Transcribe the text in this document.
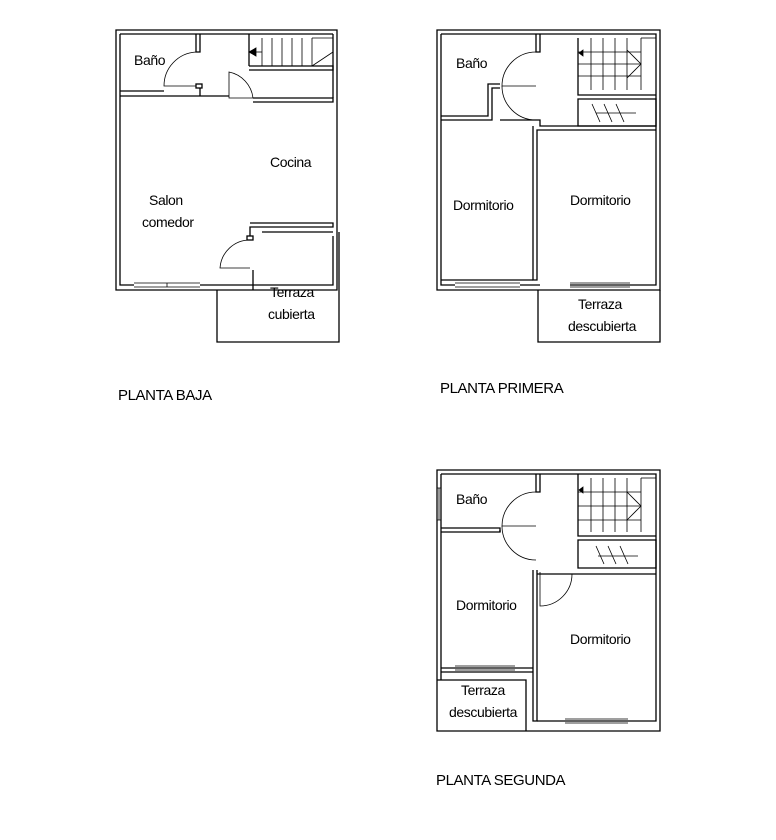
Baño
Cocina
Salon
comedor
Terraza
cubierta
PLANTA BAJA
Baño
Dormitorio	Dormitorio
Terraza
descubierta
PLANTA PRIMERA
Baño
Dormitorio
Dormitorio
Terraza
descubierta
PLANTA SEGUNDA
